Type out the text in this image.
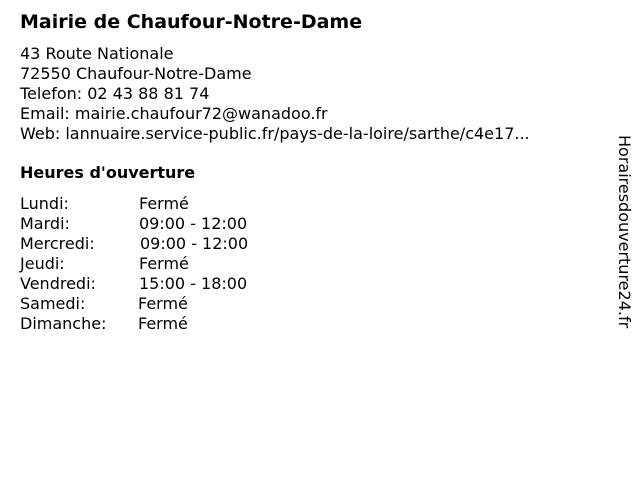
Mairie de Chaufour-Notre-Dame
43 Route Nationale
72550 Chaufour-Notre-Dame
Telefon: 02 43 88 81 74
Email: mairie.chaufour72@wanadoo.fr
Web: lannuaire.service-public.fr/pays-de-la-loire/sarthe/c4e17...
Heures d'ouverture
Lundi:	Fermé
Mardi:	09:00 - 12:00
Mercredi:	09:00 - 12:00
Jeudi:	Fermé
Vendredi:	15:00 - 18:00
Samedi:	Fermé
Dimanche: Fermé	Horairesdouverture24.fr
